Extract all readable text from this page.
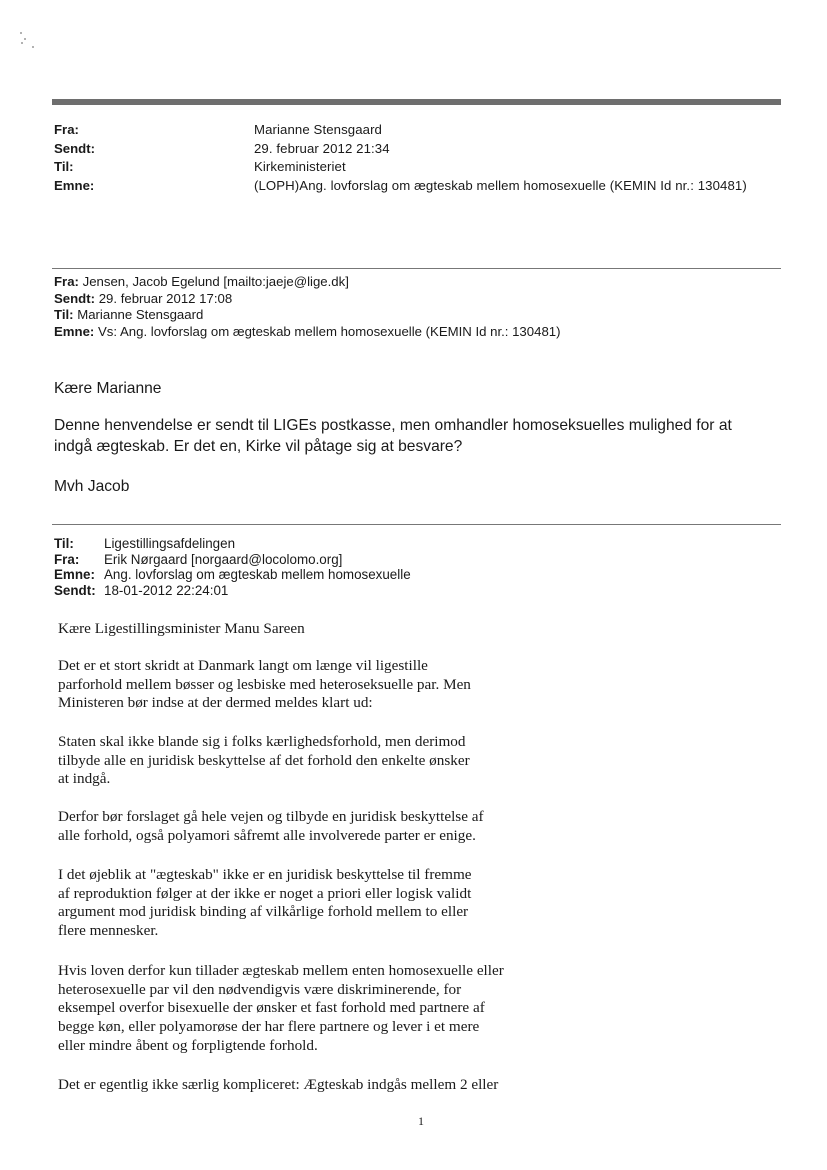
Fra:	Marianne Stensgaard
Sendt:	29. februar 2012 21:34
Til:	Kirkeministeriet
Emne:	(LOPH)Ang. lovforslag om ægteskab mellem homosexuelle (KEMIN Id nr.: 130481)
Fra: Jensen, Jacob Egelund [mailto:jaeje@lige.dk]
Sendt: 29. februar 2012 17:08
Til: Marianne Stensgaard
Emne: Vs: Ang. lovforslag om ægteskab mellem homosexuelle (KEMIN Id nr.: 130481)
Kære Marianne
Denne henvendelse er sendt til LIGEs postkasse, men omhandler homoseksuelles mulighed for at
indgå ægteskab. Er det en, Kirke vil påtage sig at besvare?
Mvh Jacob
Til:	Ligestillingsafdelingen
Fra:	Erik Nørgaard [norgaard@locolomo.org]
Emne: Ang. lovforslag om ægteskab mellem homosexuelle
Sendt: 18-01-2012 22:24:01
Kære Ligestillingsminister Manu Sareen
Det er et stort skridt at Danmark langt om længe vil ligestille
parforhold mellem bøsser og lesbiske med heteroseksuelle par. Men
Ministeren bør indse at der dermed meldes klart ud:
Staten skal ikke blande sig i folks kærlighedsforhold, men derimod
tilbyde alle en juridisk beskyttelse af det forhold den enkelte ønsker
at indgå.
Derfor bør forslaget gå hele vejen og tilbyde en juridisk beskyttelse af
alle forhold, også polyamori såfremt alle involverede parter er enige.
I det øjeblik at "ægteskab" ikke er en juridisk beskyttelse til fremme
af reproduktion følger at der ikke er noget a priori eller logisk validt
argument mod juridisk binding af vilkårlige forhold mellem to eller
flere mennesker.
Hvis loven derfor kun tillader ægteskab mellem enten homosexuelle eller
heterosexuelle par vil den nødvendigvis være diskriminerende, for
eksempel overfor bisexuelle der ønsker et fast forhold med partnere af
begge køn, eller polyamorøse der har flere partnere og lever i et mere
eller mindre åbent og forpligtende forhold.
Det er egentlig ikke særlig kompliceret: Ægteskab indgås mellem 2 eller
1
